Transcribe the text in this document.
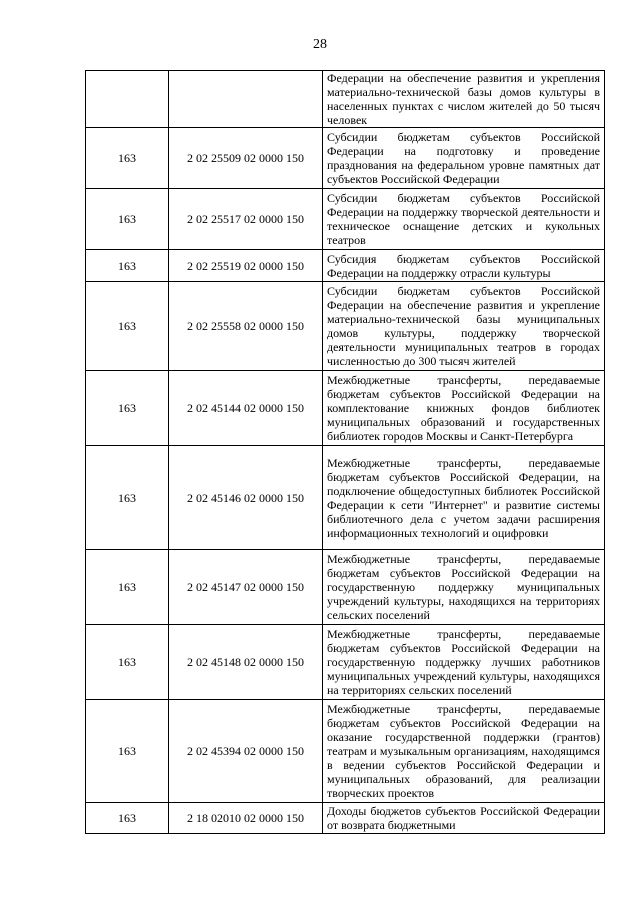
28
		Федерации на обеспечение развития и укрепления материально-технической базы домов культуры в населенных пунктах с числом жителей до 50 тысяч человек
163	2 02 25509 02 0000 150	Субсидии бюджетам субъектов Российской Федерации на подготовку и проведение празднования на федеральном уровне памятных дат субъектов Российской Федерации
163	2 02 25517 02 0000 150	Субсидии бюджетам субъектов Российской Федерации на поддержку творческой деятельности и техническое оснащение детских и кукольных театров
163	2 02 25519 02 0000 150	Субсидия бюджетам субъектов Российской Федерации на поддержку отрасли культуры
163	2 02 25558 02 0000 150	Субсидии бюджетам субъектов Российской Федерации на обеспечение развития и укрепление материально-технической базы муниципальных домов культуры, поддержку творческой деятельности муниципальных театров в городах численностью до 300 тысяч жителей
163	2 02 45144 02 0000 150	Межбюджетные трансферты, передаваемые бюджетам субъектов Российской Федерации на комплектование книжных фондов библиотек муниципальных образований и государственных библиотек городов Москвы и Санкт-Петербурга
163	2 02 45146 02 0000 150	Межбюджетные трансферты, передаваемые бюджетам субъектов Российской Федерации, на подключение общедоступных библиотек Российской Федерации к сети "Интернет" и развитие системы библиотечного дела с учетом задачи расширения информационных технологий и оцифровки
163	2 02 45147 02 0000 150	Межбюджетные трансферты, передаваемые бюджетам субъектов Российской Федерации на государственную поддержку муниципальных учреждений культуры, находящихся на территориях сельских поселений
163	2 02 45148 02 0000 150	Межбюджетные трансферты, передаваемые бюджетам субъектов Российской Федерации на государственную поддержку лучших работников муниципальных учреждений культуры, находящихся на территориях сельских поселений
163	2 02 45394 02 0000 150	Межбюджетные трансферты, передаваемые бюджетам субъектов Российской Федерации на оказание государственной поддержки (грантов) театрам и музыкальным организациям, находящимся в ведении субъектов Российской Федерации и муниципальных образований, для реализации творческих проектов
163	2 18 02010 02 0000 150	Доходы бюджетов субъектов Российской Федерации от возврата бюджетными
